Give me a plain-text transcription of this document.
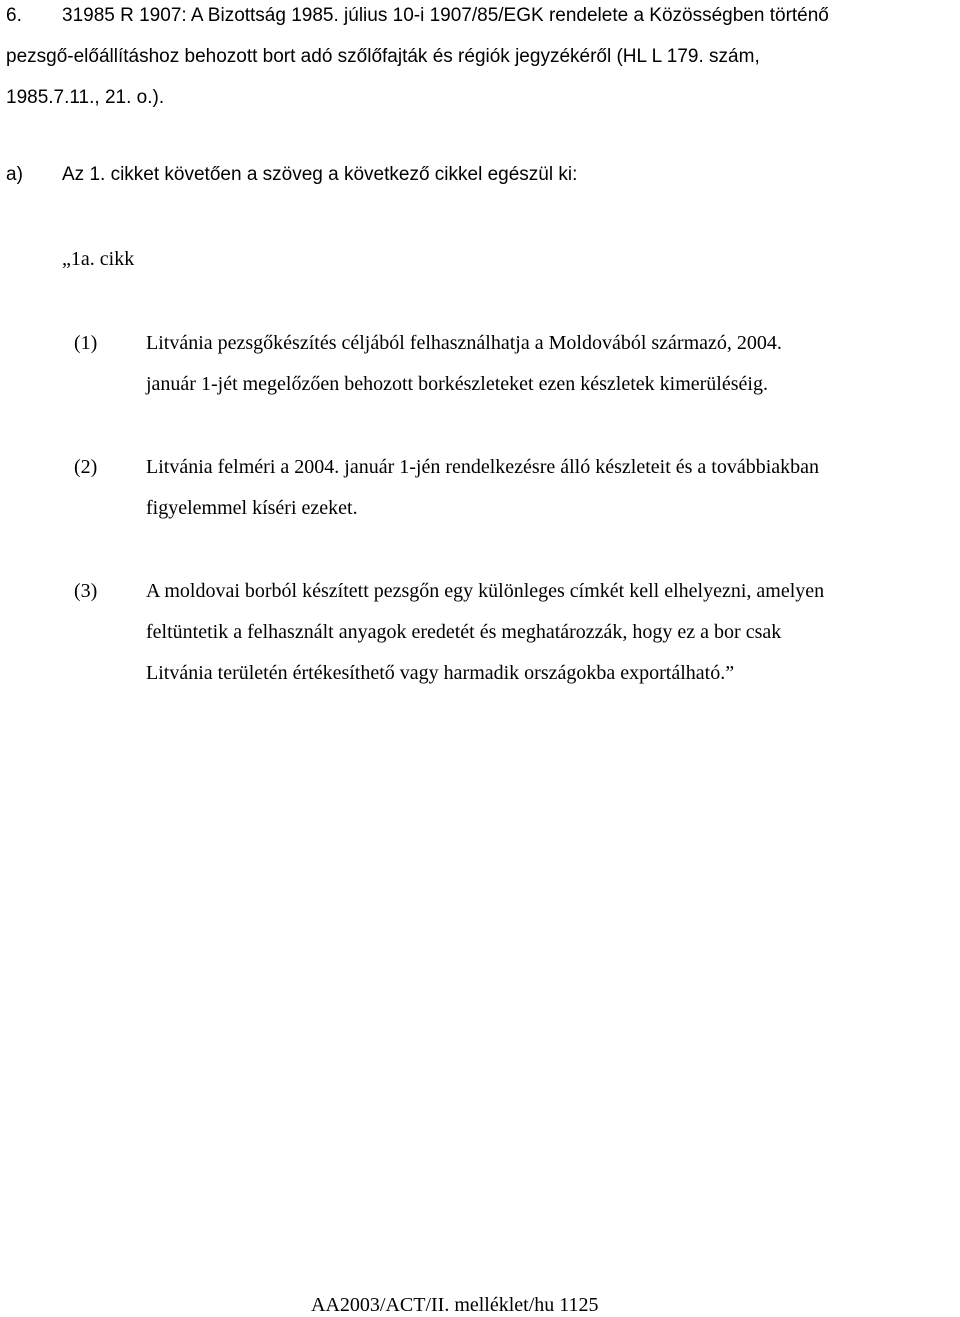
6. 31985 R 1907: A Bizottság 1985. július 10-i 1907/85/EGK rendelete a Közösségben történő
pezsgő-előállításhoz behozott bort adó szőlőfajták és régiók jegyzékéről (HL L 179. szám,
1985.7.11., 21. o.).
a) Az 1. cikket követően a szöveg a következő cikkel egészül ki:
„1a. cikk
(1) Litvánia pezsgőkészítés céljából felhasználhatja a Moldovából származó, 2004.
január 1-jét megelőzően behozott borkészleteket ezen készletek kimerüléséig.
(2) Litvánia felméri a 2004. január 1-jén rendelkezésre álló készleteit és a továbbiakban
figyelemmel kíséri ezeket.
(3) A moldovai borból készített pezsgőn egy különleges címkét kell elhelyezni, amelyen
feltüntetik a felhasznált anyagok eredetét és meghatározzák, hogy ez a bor csak
Litvánia területén értékesíthető vagy harmadik országokba exportálható.”
AA2003/ACT/II. melléklet/hu 1125
